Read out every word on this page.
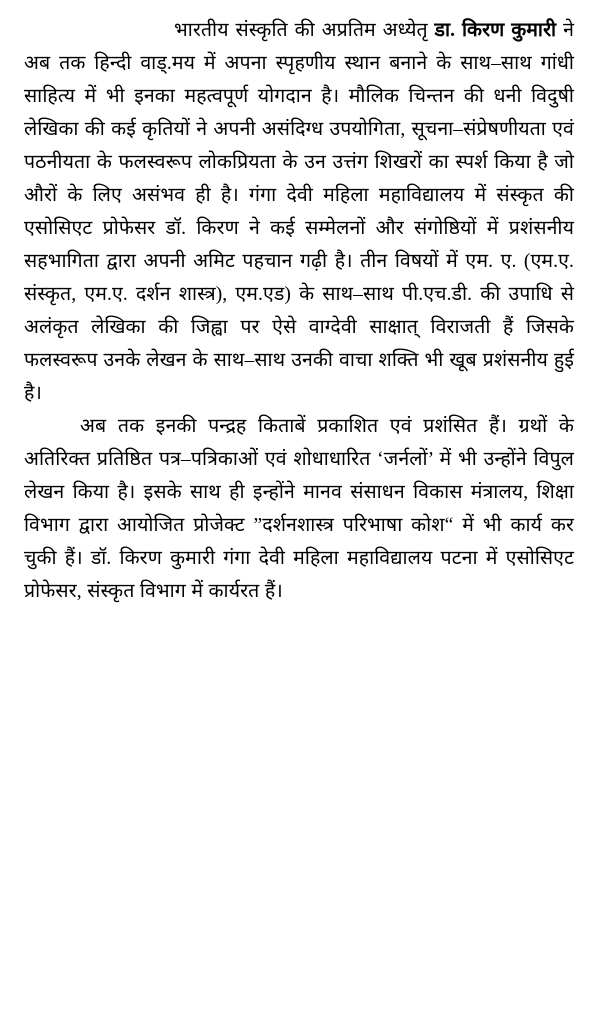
भारतीय संस्कृति की अप्रतिम अध्येतृ डा. किरण कुमारी ने अब तक हिन्दी वाड्.मय में अपना स्पृहणीय स्थान बनाने के साथ–साथ गांधी साहित्य में भी इनका महत्वपूर्ण योगदान है। मौलिक चिन्तन की धनी विदुषी लेखिका की कई कृतियों ने अपनी असंदिग्ध उपयोगिता, सूचना–संप्रेषणीयता एवं पठनीयता के फलस्वरूप लोकप्रियता के उन उत्तंग शिखरों का स्पर्श किया है जो औरों के लिए असंभव ही है। गंगा देवी महिला महाविद्यालय में संस्कृत की एसोसिएट प्रोफेसर डॉ. किरण ने कई सम्मेलनों और संगोष्ठियों में प्रशंसनीय सहभागिता द्वारा अपनी अमिट पहचान गढ़ी है। तीन विषयों में एम. ए. (एम.ए. संस्कृत, एम.ए. दर्शन शास्त्र), एम.एड) के साथ–साथ पी.एच.डी. की उपाधि से अलंकृत लेखिका की जिह्वा पर ऐसे वाग्देवी साक्षात् विराजती हैं जिसके फलस्वरूप उनके लेखन के साथ–साथ उनकी वाचा शक्ति भी खूब प्रशंसनीय हुई है।

अब तक इनकी पन्द्रह किताबें प्रकाशित एवं प्रशंसित हैं। ग्रथों के अतिरिक्त प्रतिष्ठित पत्र–पत्रिकाओं एवं शोधाधारित ‘जर्नलों’ में भी उन्होंने विपुल लेखन किया है। इसके साथ ही इन्होंने मानव संसाधन विकास मंत्रालय, शिक्षा विभाग द्वारा आयोजित प्रोजेक्ट ”दर्शनशास्त्र परिभाषा कोश“ में भी कार्य कर चुकी हैं। डॉ. किरण कुमारी गंगा देवी महिला महाविद्यालय पटना में एसोसिएट प्रोफेसर, संस्कृत विभाग में कार्यरत हैं।
